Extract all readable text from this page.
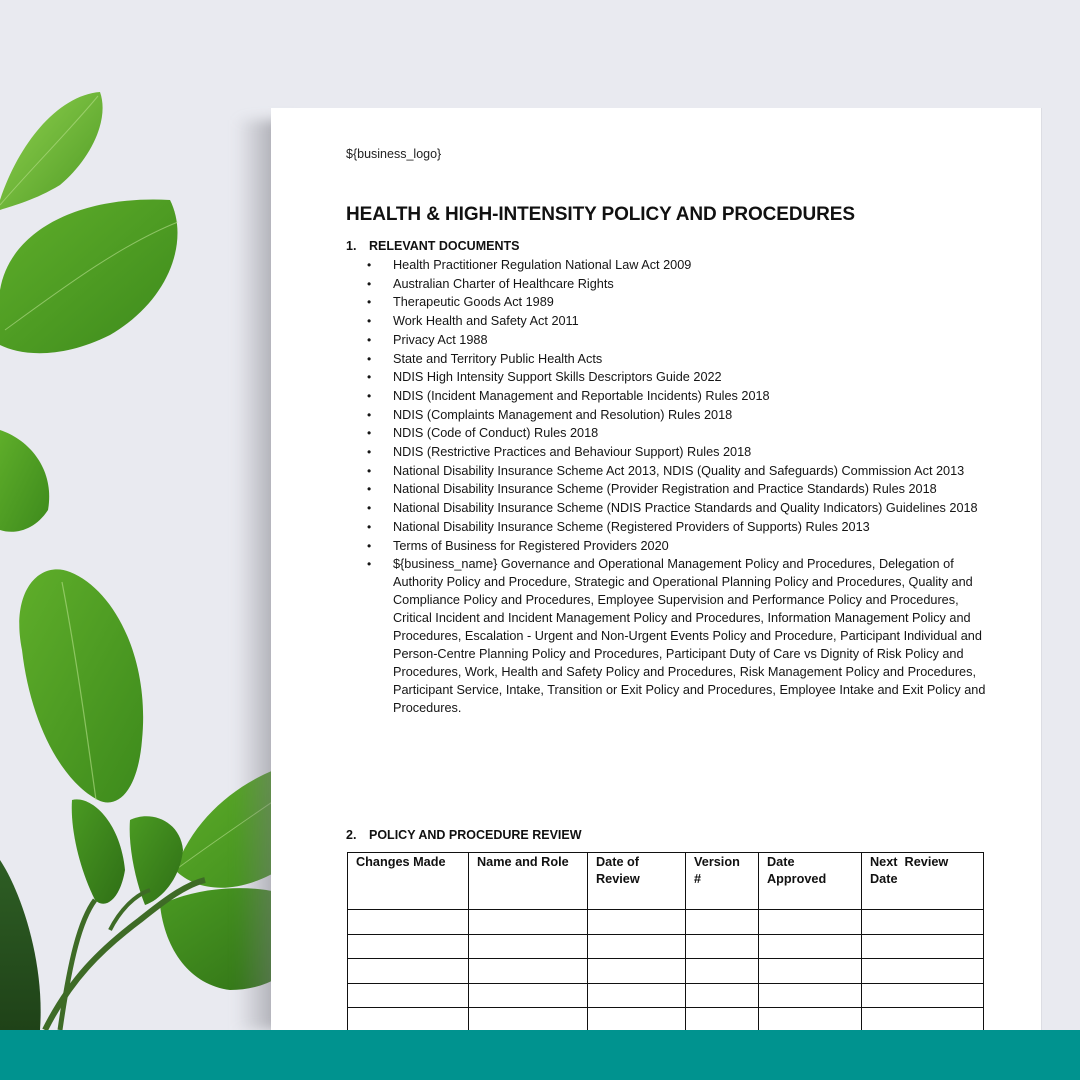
${business_logo}
HEALTH & HIGH-INTENSITY POLICY AND PROCEDURES
1. RELEVANT DOCUMENTS
• Health Practitioner Regulation National Law Act 2009
• Australian Charter of Healthcare Rights
• Therapeutic Goods Act 1989
• Work Health and Safety Act 2011
• Privacy Act 1988
• State and Territory Public Health Acts
• NDIS High Intensity Support Skills Descriptors Guide 2022
• NDIS (Incident Management and Reportable Incidents) Rules 2018
• NDIS (Complaints Management and Resolution) Rules 2018
• NDIS (Code of Conduct) Rules 2018
• NDIS (Restrictive Practices and Behaviour Support) Rules 2018
• National Disability Insurance Scheme Act 2013, NDIS (Quality and Safeguards) Commission Act 2013
• National Disability Insurance Scheme (Provider Registration and Practice Standards) Rules 2018
• National Disability Insurance Scheme (NDIS Practice Standards and Quality Indicators) Guidelines 2018
• National Disability Insurance Scheme (Registered Providers of Supports) Rules 2013
• Terms of Business for Registered Providers 2020
• ${business_name} Governance and Operational Management Policy and Procedures, Delegation of Authority Policy and Procedure, Strategic and Operational Planning Policy and Procedures, Quality and Compliance Policy and Procedures, Employee Supervision and Performance Policy and Procedures, Critical Incident and Incident Management Policy and Procedures, Information Management Policy and Procedures, Escalation - Urgent and Non-Urgent Events Policy and Procedure, Participant Individual and Person-Centre Planning Policy and Procedures, Participant Duty of Care vs Dignity of Risk Policy and Procedures, Work, Health and Safety Policy and Procedures, Risk Management Policy and Procedures, Participant Service, Intake, Transition or Exit Policy and Procedures, Employee Intake and Exit Policy and Procedures.
2. POLICY AND PROCEDURE REVIEW
Changes Made	Name and Role	Date of Review	Version #	Date Approved	Next  Review Date
